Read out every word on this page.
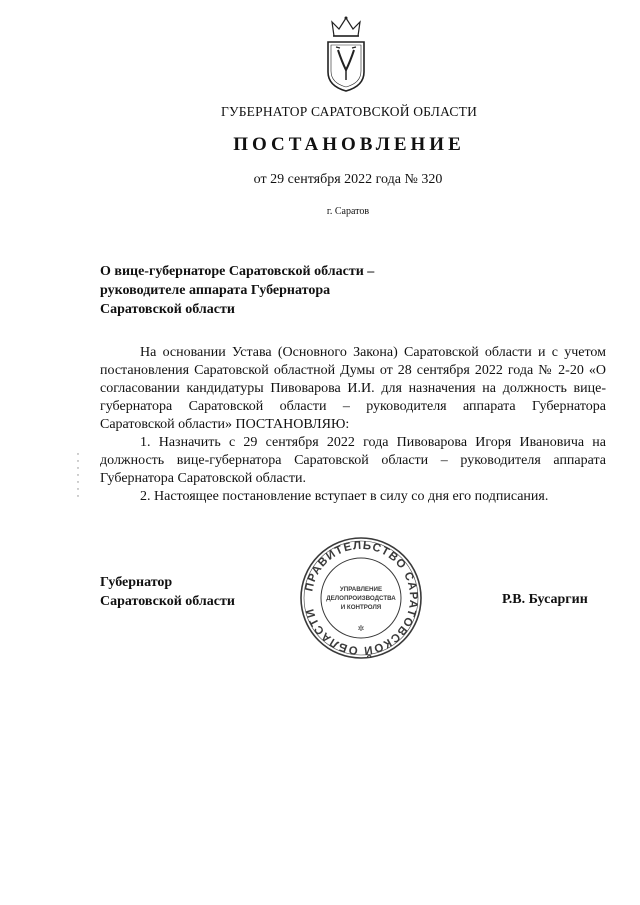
ГУБЕРНАТОР САРАТОВСКОЙ ОБЛАСТИ
ПОСТАНОВЛЕНИЕ
от 29 сентября 2022 года № 320
г. Саратов
О вице-губернаторе Саратовской области –
руководителе аппарата Губернатора
Саратовской области

На основании Устава (Основного Закона) Саратовской области и с учетом постановления Саратовской областной Думы от 28 сентября 2022 года № 2-20 «О согласовании кандидатуры Пивоварова И.И. для назначения на должность вице-губернатора Саратовской области – руководителя аппарата Губернатора Саратовской области» ПОСТАНОВЛЯЮ:

1. Назначить с 29 сентября 2022 года Пивоварова Игоря Ивановича на должность вице-губернатора Саратовской области – руководителя аппарата Губернатора Саратовской области.

2. Настоящее постановление вступает в силу со дня его подписания.

Губернатор
Саратовской области
ПРАВИТЕЛЬСТВО САРАТОВСКОЙ ОБЛАСТИ
УПРАВЛЕНИЕ
ДЕЛОПРОИЗВОДСТВА
И КОНТРОЛЯ
✲
Р.В. Бусаргин
